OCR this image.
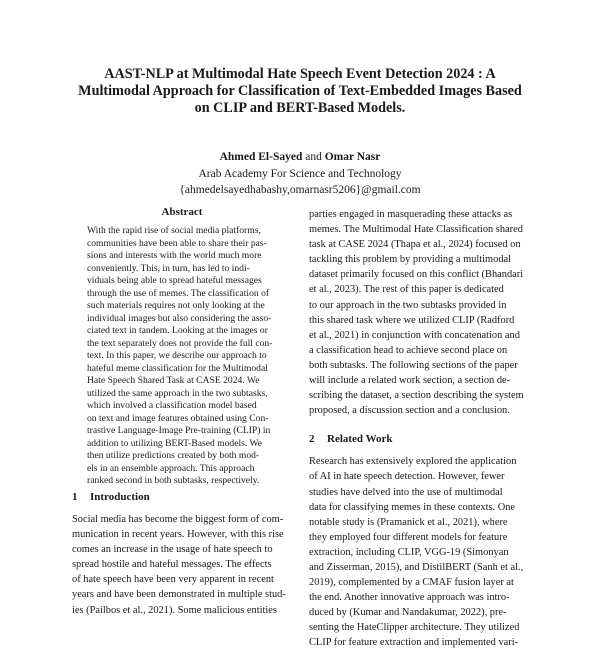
AAST-NLP at Multimodal Hate Speech Event Detection 2024 : A
Multimodal Approach for Classification of Text-Embedded Images Based
on CLIP and BERT-Based Models.
Ahmed El-Sayed and Omar Nasr
Arab Academy For Science and Technology
{ahmedelsayedhabashy,omarnasr5206}@gmail.com
Abstract
With the rapid rise of social media platforms,
communities have been able to share their pas-
sions and interests with the world much more
conveniently. This, in turn, has led to indi-
viduals being able to spread hateful messages
through the use of memes. The classification of
such materials requires not only looking at the
individual images but also considering the asso-
ciated text in tandem. Looking at the images or
the text separately does not provide the full con-
text. In this paper, we describe our approach to
hateful meme classification for the Multimodal
Hate Speech Shared Task at CASE 2024. We
utilized the same approach in the two subtasks,
which involved a classification model based
on text and image features obtained using Con-
trastive Language-Image Pre-training (CLIP) in
addition to utilizing BERT-Based models. We
then utilize predictions created by both mod-
els in an ensemble approach. This approach
ranked second in both subtasks, respectively.
1 Introduction
Social media has become the biggest form of com-
munication in recent years. However, with this rise
comes an increase in the usage of hate speech to
spread hostile and hateful messages. The effects
of hate speech have been very apparent in recent
years and have been demonstrated in multiple stud-
ies (Pailbos et al., 2021). Some malicious entities
parties engaged in masquerading these attacks as
memes. The Multimodal Hate Classification shared
task at CASE 2024 (Thapa et al., 2024) focused on
tackling this problem by providing a multimodal
dataset primarily focused on this conflict (Bhandari
et al., 2023). The rest of this paper is dedicated
to our approach in the two subtasks provided in
this shared task where we utilized CLIP (Radford
et al., 2021) in conjunction with concatenation and
a classification head to achieve second place on
both subtasks. The following sections of the paper
will include a related work section, a section de-
scribing the dataset, a section describing the system
proposed, a discussion section and a conclusion.
2 Related Work
Research has extensively explored the application
of AI in hate speech detection. However, fewer
studies have delved into the use of multimodal
data for classifying memes in these contexts. One
notable study is (Pramanick et al., 2021), where
they employed four different models for feature
extraction, including CLIP, VGG-19 (Simonyan
and Zisserman, 2015), and DistilBERT (Sanh et al.,
2019), complemented by a CMAF fusion layer at
the end. Another innovative approach was intro-
duced by (Kumar and Nandakumar, 2022), pre-
senting the HateClipper architecture. They utilized
CLIP for feature extraction and implemented vari-
